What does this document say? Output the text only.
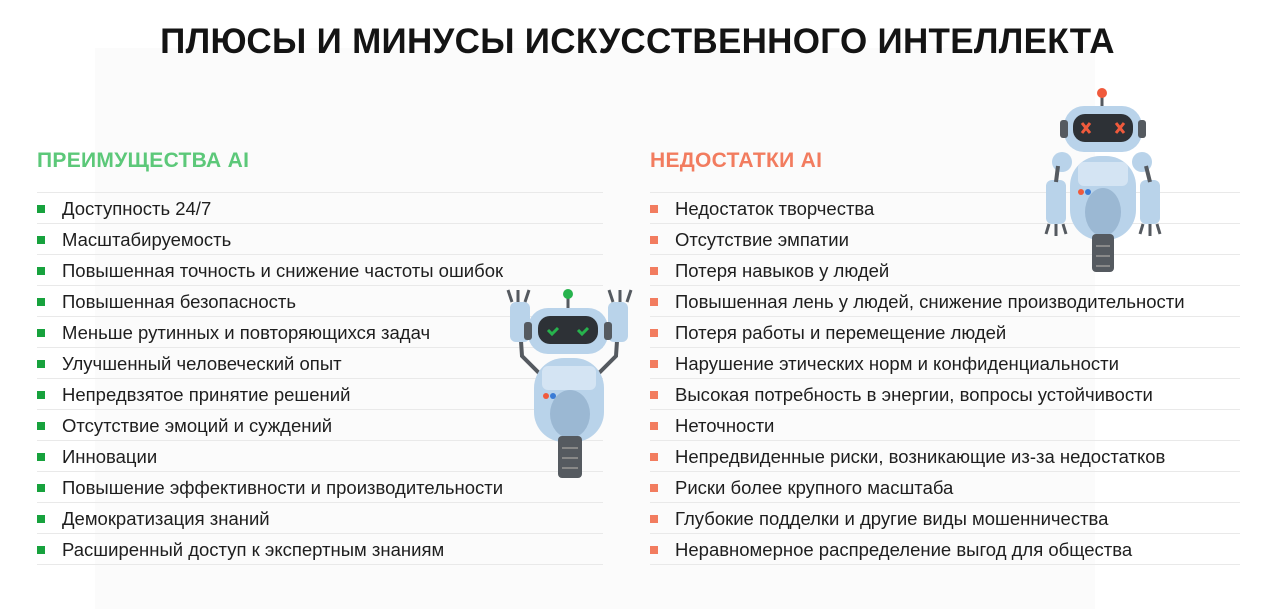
ПЛЮСЫ И МИНУСЫ ИСКУССТВЕННОГО ИНТЕЛЛЕКТА
ПРЕИМУЩЕСТВА AI
Доступность 24/7
Масштабируемость
Повышенная точность и снижение частоты ошибок
Повышенная безопасность
Меньше рутинных и повторяющихся задач
Улучшенный человеческий опыт
Непредвзятое принятие решений
Отсутствие эмоций и суждений
Инновации
Повышение эффективности и производительности
Демократизация знаний
Расширенный доступ к экспертным знаниям
НЕДОСТАТКИ AI
Недостаток творчества
Отсутствие эмпатии
Потеря навыков у людей
Повышенная лень у людей, снижение производительности
Потеря работы и перемещение людей
Нарушение этических норм и конфиденциальности
Высокая потребность в энергии, вопросы устойчивости
Неточности
Непредвиденные риски, возникающие из-за недостатков
Риски более крупного масштаба
Глубокие подделки и другие виды мошенничества
Неравномерное распределение выгод для общества
